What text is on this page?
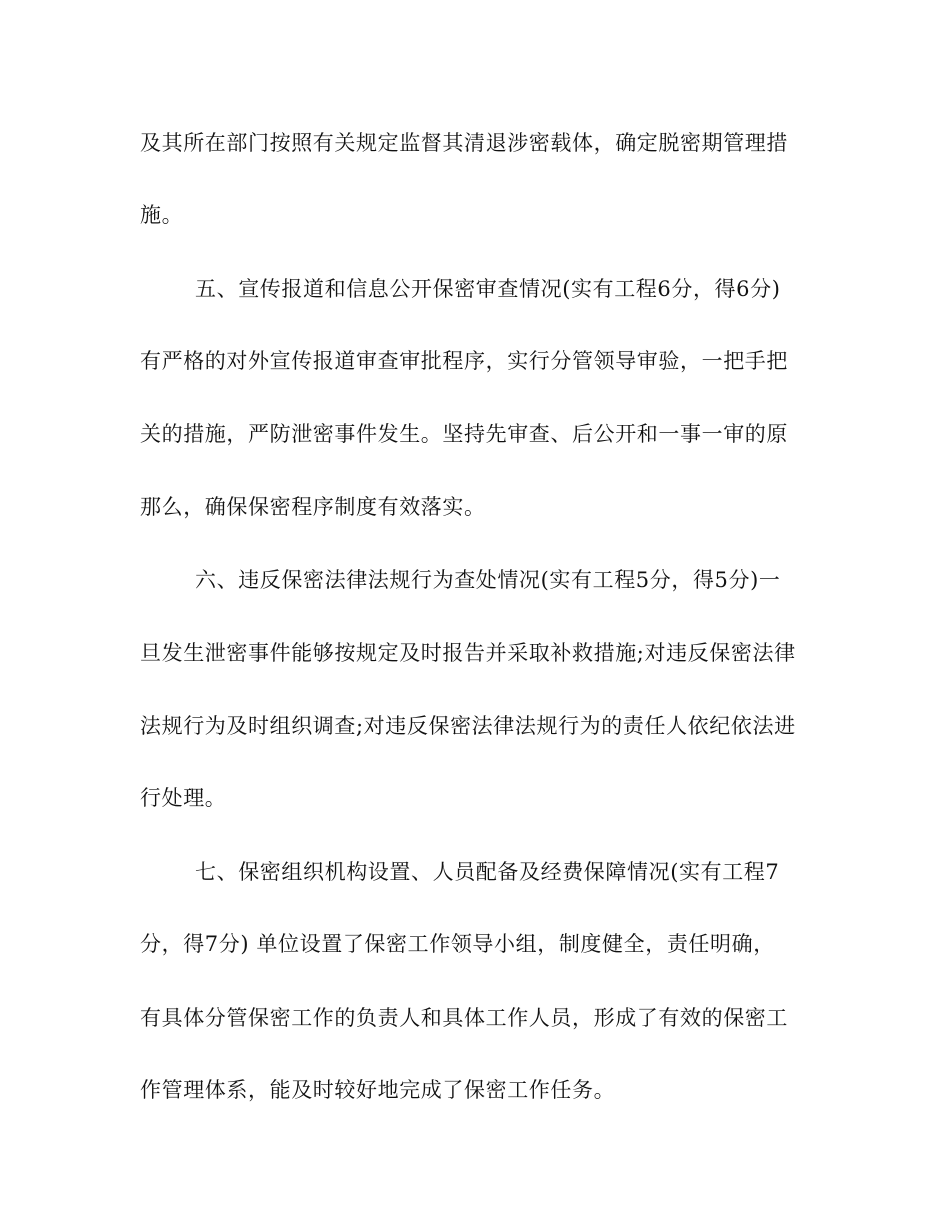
及其所在部门按照有关规定监督其清退涉密载体，确定脱密期管理措
施。
五、宣传报道和信息公开保密审查情况(实有工程6分，得6分)
有严格的对外宣传报道审查审批程序，实行分管领导审验，一把手把
关的措施，严防泄密事件发生。坚持先审查、后公开和一事一审的原
那么，确保保密程序制度有效落实。
六、违反保密法律法规行为查处情况(实有工程5分，得5分)一
旦发生泄密事件能够按规定及时报告并采取补救措施;对违反保密法律
法规行为及时组织调查;对违反保密法律法规行为的责任人依纪依法进
行处理。
七、保密组织机构设置、人员配备及经费保障情况(实有工程7
分，得7分) 单位设置了保密工作领导小组，制度健全，责任明确，
有具体分管保密工作的负责人和具体工作人员，形成了有效的保密工
作管理体系，能及时较好地完成了保密工作任务。
